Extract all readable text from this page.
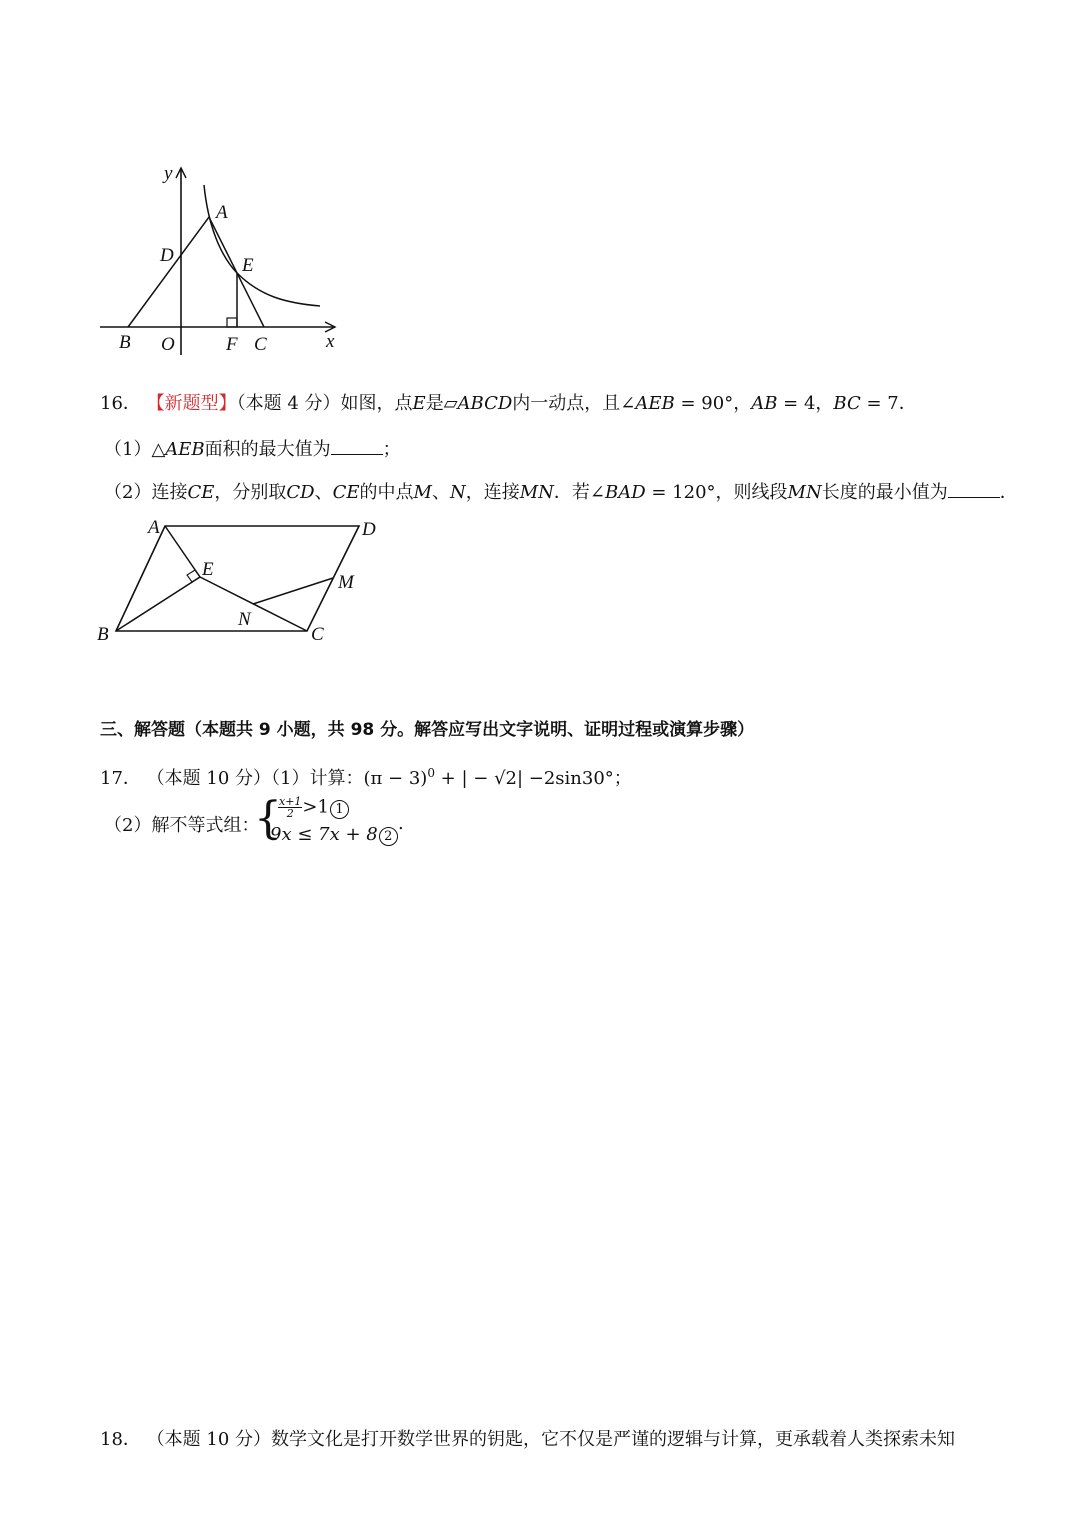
y
x
A
D	E
B O	F C
16． 【新题型】（本题 4 分）如图，点E是▱ABCD内一动点，且∠AEB = 90°，AB = 4，BC = 7．
（1）△AEB面积的最大值为	；
（2）连接CE，分别取CD、CE的中点M、N，连接MN．若∠BAD = 120°，则线段MN长度的最小值为	．
A	D
E
M
N
B	C
三、解答题（本题共 9 小题，共 98 分。解答应写出文字说明、证明过程或演算步骤）
17． （本题 10 分）（1）计算：$(\pi - 3)^0$ + | − √2| −2sin30°；
（2）解不等式组：
{
$\frac{x+1}{2} >1$ 1
9x ≤ 7x + 8 2
.
18． （本题 10 分）数学文化是打开数学世界的钥匙，它不仅是严谨的逻辑与计算，更承载着人类探索未知
